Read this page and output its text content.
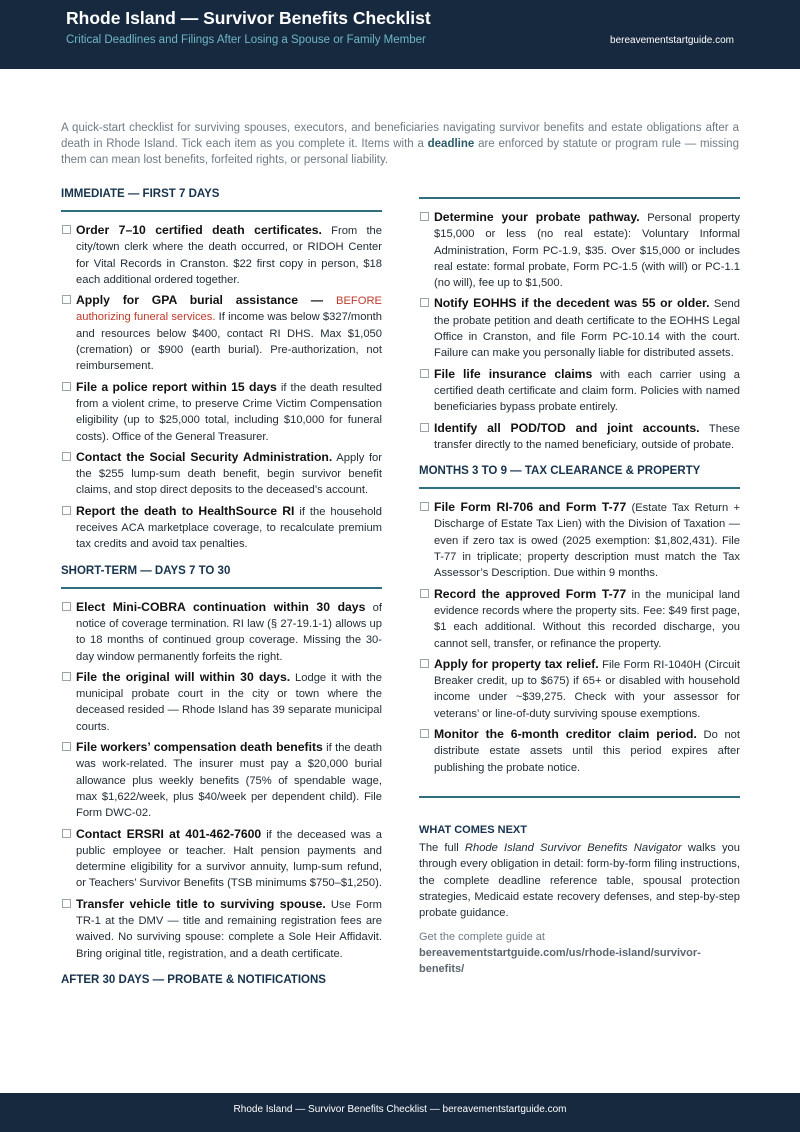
Rhode Island — Survivor Benefits Checklist
Critical Deadlines and Filings After Losing a Spouse or Family Member	bereavementstartguide.com

A quick-start checklist for surviving spouses, executors, and beneficiaries navigating survivor benefits and estate obligations after a death in Rhode Island. Tick each item as you complete it. Items with a deadline are enforced by statute or program rule — missing them can mean lost benefits, forfeited rights, or personal liability.

IMMEDIATE — FIRST 7 DAYS
Order 7–10 certified death certificates. From the city/town clerk where the death occurred, or RIDOH Center for Vital Records in Cranston. $22 first copy in person, $18 each additional ordered together.
Apply for GPA burial assistance — BEFORE authorizing funeral services. If income was below $327/month and resources below $400, contact RI DHS. Max $1,050 (cremation) or $900 (earth burial). Pre-authorization, not reimbursement.
File a police report within 15 days if the death resulted from a violent crime, to preserve Crime Victim Compensation eligibility (up to $25,000 total, including $10,000 for funeral costs). Office of the General Treasurer.
Contact the Social Security Administration. Apply for the $255 lump-sum death benefit, begin survivor benefit claims, and stop direct deposits to the deceased’s account.
Report the death to HealthSource RI if the household receives ACA marketplace coverage, to recalculate premium tax credits and avoid tax penalties.
SHORT-TERM — DAYS 7 TO 30
Elect Mini-COBRA continuation within 30 days of notice of coverage termination. RI law (§ 27-19.1-1) allows up to 18 months of continued group coverage. Missing the 30-day window permanently forfeits the right.
File the original will within 30 days. Lodge it with the municipal probate court in the city or town where the deceased resided — Rhode Island has 39 separate municipal courts.
File workers’ compensation death benefits if the death was work-related. The insurer must pay a $20,000 burial allowance plus weekly benefits (75% of spendable wage, max $1,622/week, plus $40/week per dependent child). File Form DWC-02.
Contact ERSRI at 401-462-7600 if the deceased was a public employee or teacher. Halt pension payments and determine eligibility for a survivor annuity, lump-sum refund, or Teachers’ Survivor Benefits (TSB minimums $750–$1,250).
Transfer vehicle title to surviving spouse. Use Form TR-1 at the DMV — title and remaining registration fees are waived. No surviving spouse: complete a Sole Heir Affidavit. Bring original title, registration, and a death certificate.
AFTER 30 DAYS — PROBATE & NOTIFICATIONS
Determine your probate pathway. Personal property $15,000 or less (no real estate): Voluntary Informal Administration, Form PC-1.9, $35. Over $15,000 or includes real estate: formal probate, Form PC-1.5 (with will) or PC-1.1 (no will), fee up to $1,500.
Notify EOHHS if the decedent was 55 or older. Send the probate petition and death certificate to the EOHHS Legal Office in Cranston, and file Form PC-10.14 with the court. Failure can make you personally liable for distributed assets.
File life insurance claims with each carrier using a certified death certificate and claim form. Policies with named beneficiaries bypass probate entirely.
Identify all POD/TOD and joint accounts. These transfer directly to the named beneficiary, outside of probate.
MONTHS 3 TO 9 — TAX CLEARANCE & PROPERTY
File Form RI-706 and Form T-77 (Estate Tax Return + Discharge of Estate Tax Lien) with the Division of Taxation — even if zero tax is owed (2025 exemption: $1,802,431). File T-77 in triplicate; property description must match the Tax Assessor’s Description. Due within 9 months.
Record the approved Form T-77 in the municipal land evidence records where the property sits. Fee: $49 first page, $1 each additional. Without this recorded discharge, you cannot sell, transfer, or refinance the property.
Apply for property tax relief. File Form RI-1040H (Circuit Breaker credit, up to $675) if 65+ or disabled with household income under ~$39,275. Check with your assessor for veterans’ or line-of-duty surviving spouse exemptions.
Monitor the 6-month creditor claim period. Do not distribute estate assets until this period expires after publishing the probate notice.
WHAT COMES NEXT

The full Rhode Island Survivor Benefits Navigator walks you through every obligation in detail: form-by-form filing instructions, the complete deadline reference table, spousal protection strategies, Medicaid estate recovery defenses, and step-by-step probate guidance.

Get the complete guide at

bereavementstartguide.com/us/rhode-island/survivor-benefits/

Rhode Island — Survivor Benefits Checklist — bereavementstartguide.com
